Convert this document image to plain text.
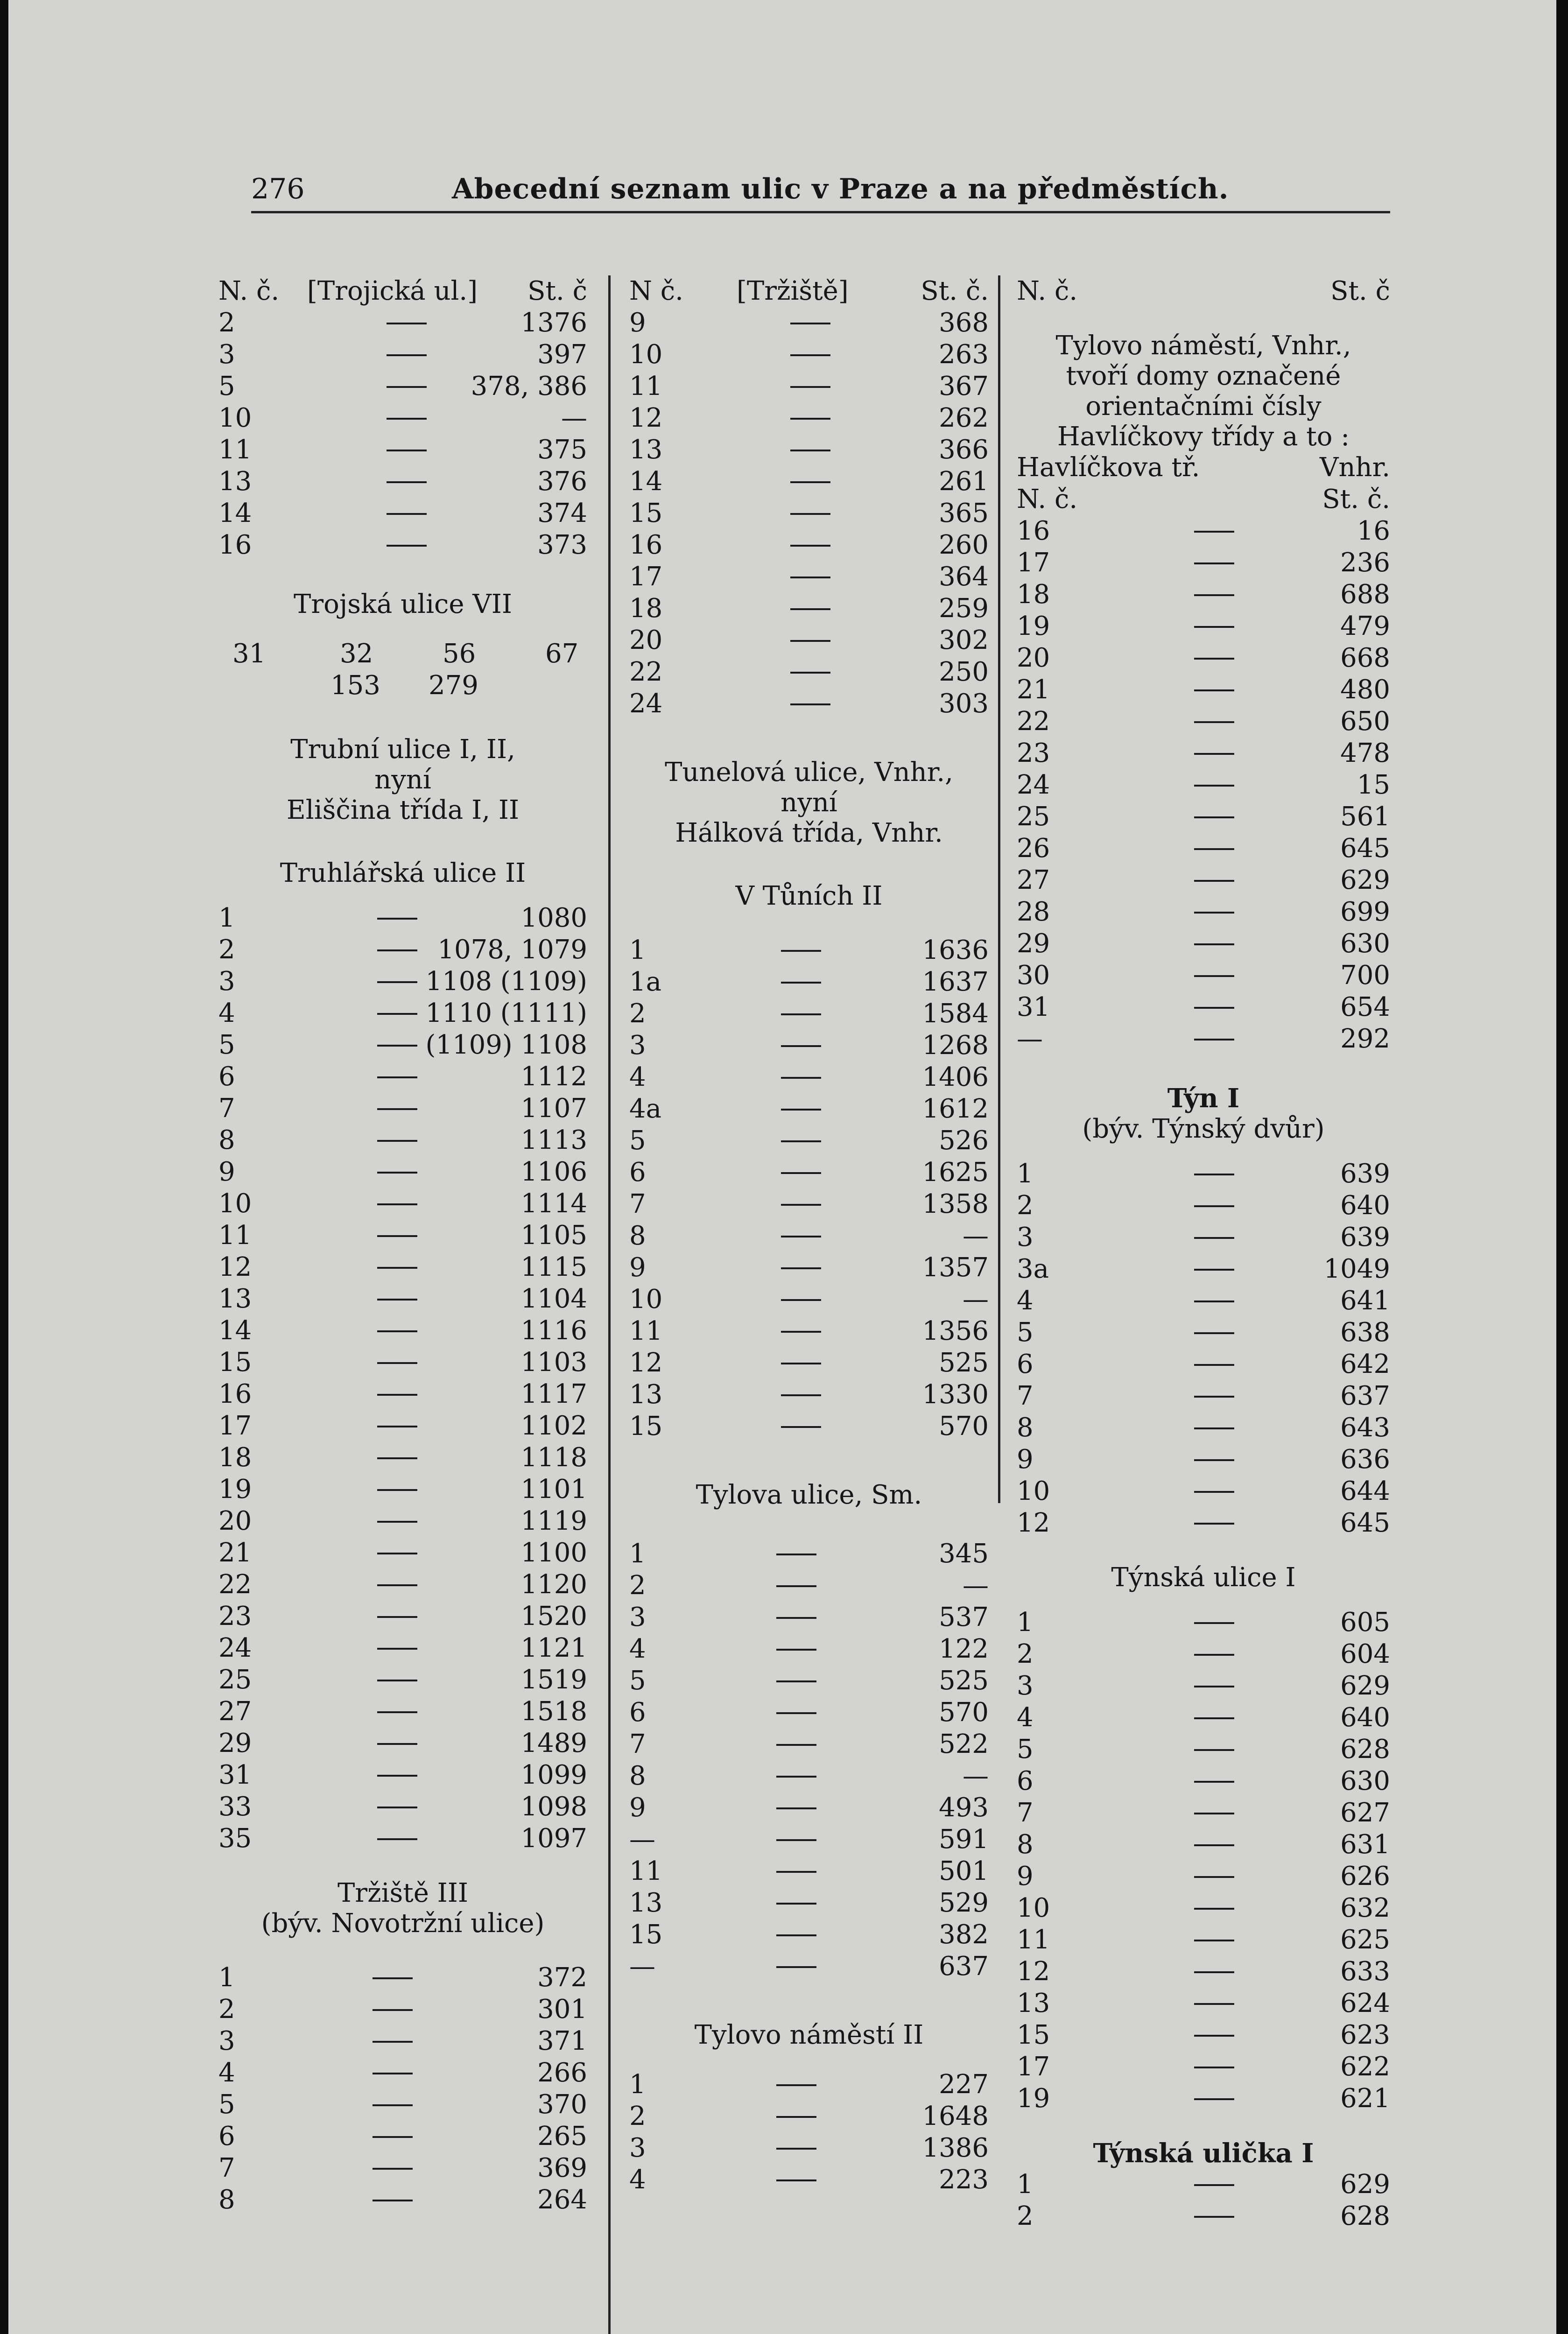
276	Abecední seznam ulic v Praze a na předměstích.
N. č. [Trojická ul.] St. č
2	1376
3	397
5	378, 386
10	—
11	375
13	376
14	374
16	373
Trojská ulice VII
31	32	56	67
153 279
Trubní ulice I, II,
nyní
Eliščina třída I, II
Truhlářská ulice II
1	1080
2	1078, 1079
3	1108 (1109)
4	1110 (1111)
5	(1109) 1108
6	1112
7	1107
8	1113
9	1106
10	1114
11	1105
12	1115
13	1104
14	1116
15	1103
16	1117
17	1102
18	1118
19	1101
20	1119
21	1100
22	1120
23	1520
24	1121
25	1519
27	1518
29	1489
31	1099
33	1098
35	1097
Tržiště III
(býv. Novotržní ulice)
1	372
2	301
3	371
4	266
5	370
6	265
7	369
8	264
N č. [Tržiště]	St. č.
9	368
10	263
11	367
12	262
13	366
14	261
15	365
16	260
17	364
18	259
20	302
22	250
24	303
Tunelová ulice, Vnhr.,
nyní
Hálková třída, Vnhr.
V Tůních II
1	1636
1a	1637
2	1584
3	1268
4	1406
4a	1612
5	526
6	1625
7	1358
8	—
9	1357
10	—
11	1356
12	525
13	1330
15	570
Tylova ulice, Sm.
1	345
2	—
3	537
4	122
5	525
6	570
7	522
8	—
9	493
—	591
11	501
13	529
15	382
—	637
Tylovo náměstí II
1	227
2	1648
3	1386
4	223
N. č.	St. č
Tylovo náměstí, Vnhr.,
tvoří domy označené
orientačními čísly
Havlíčkovy třídy a to :
Havlíčkova tř.	Vnhr.
N. č.	St. č.
16	16
17	236
18	688
19	479
20	668
21	480
22	650
23	478
24	15
25	561
26	645
27	629
28	699
29	630
30	700
31	654
—	292
Týn I
(býv. Týnský dvůr)
1	639
2	640
3	639
3a	1049
4	641
5	638
6	642
7	637
8	643
9	636
10	644
12	645
Týnská ulice I
1	605
2	604
3	629
4	640
5	628
6	630
7	627
8	631
9	626
10	632
11	625
12	633
13	624
15	623
17	622
19	621
Týnská ulička I
1	629
2	628
